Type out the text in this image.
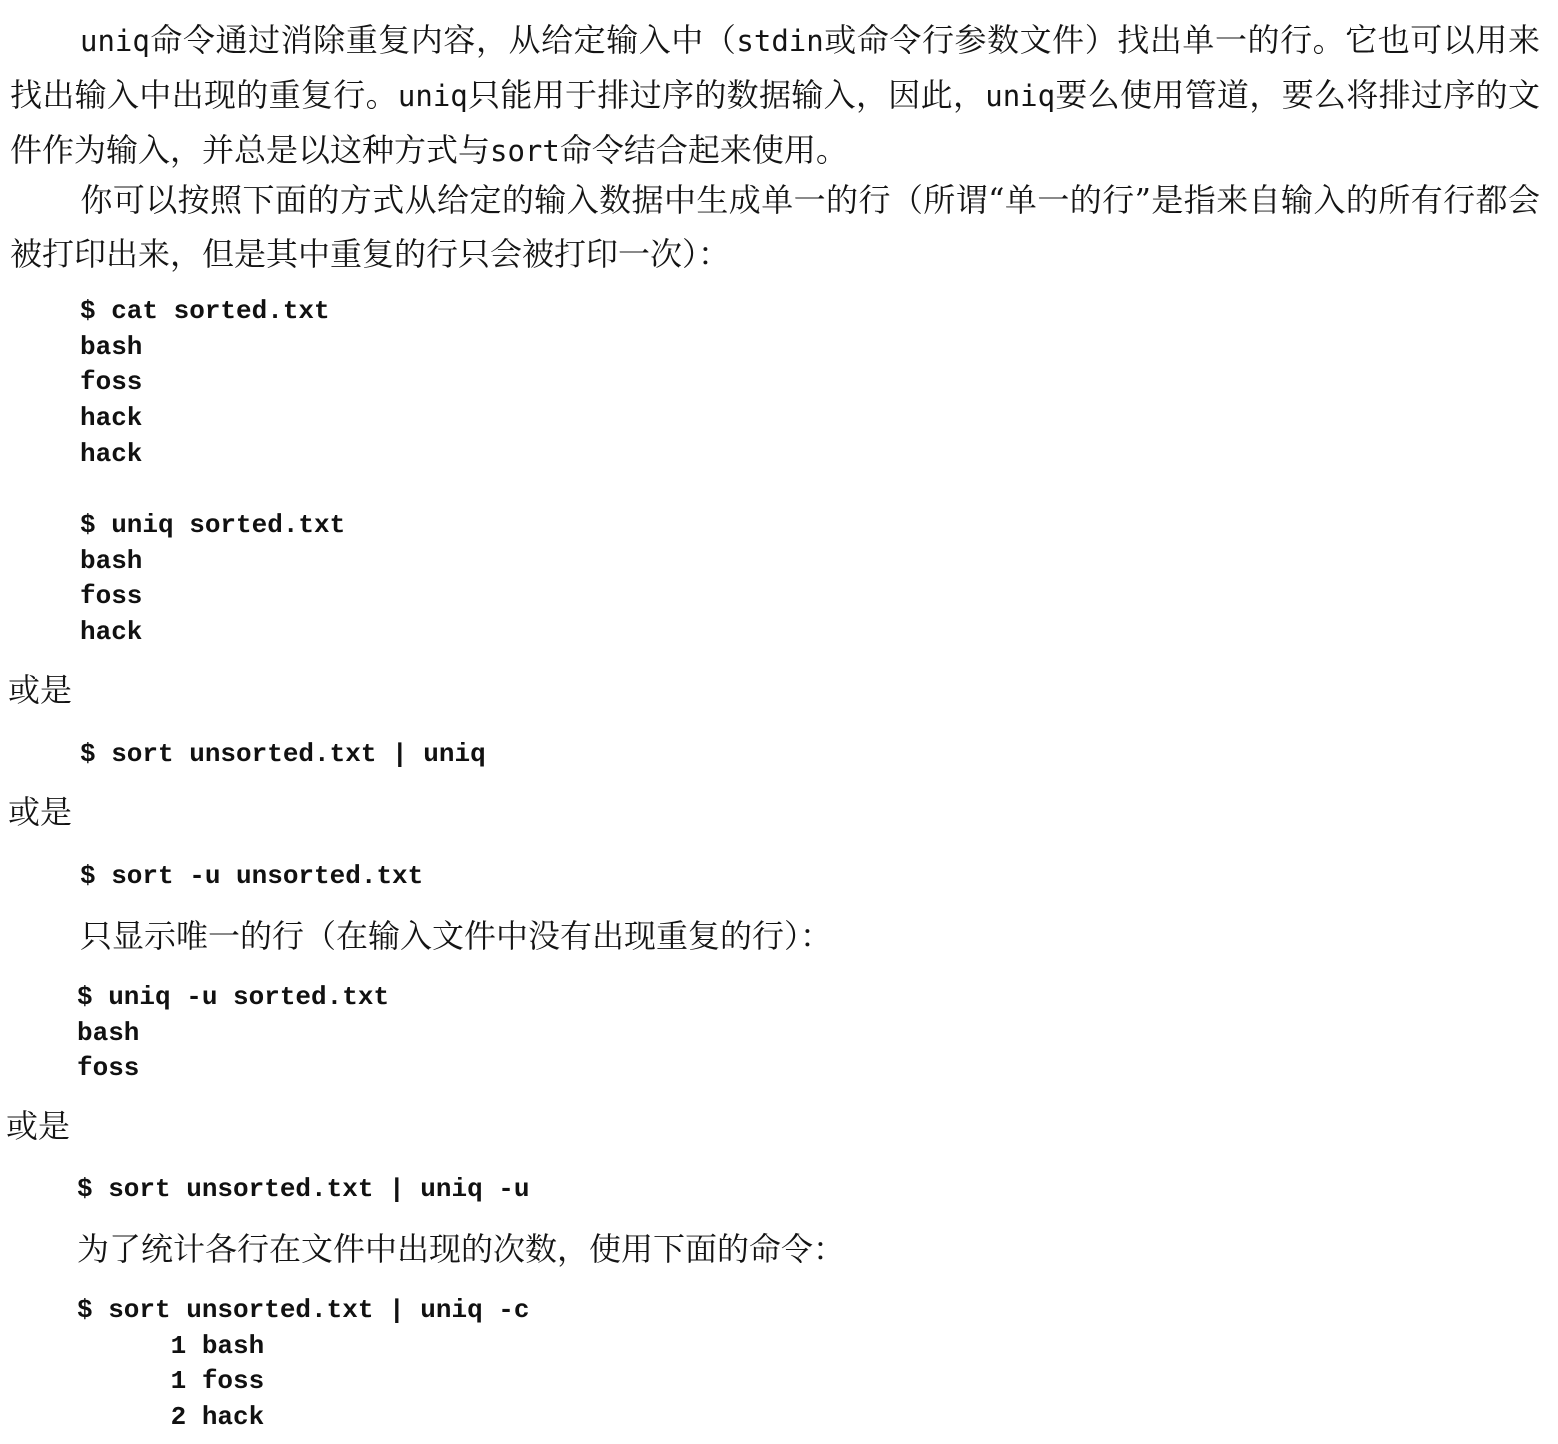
uniq命令通过消除重复内容，从给定输入中（stdin或命令行参数文件）找出单一的行。它也可以用来找出输入中出现的重复行。uniq只能用于排过序的数据输入，因此，uniq要么使用管道，要么将排过序的文件作为输入，并总是以这种方式与sort命令结合起来使用。

你可以按照下面的方式从给定的输入数据中生成单一的行（所谓“单一的行”是指来自输入的所有行都会被打印出来，但是其中重复的行只会被打印一次）：

$ cat sorted.txt
bash
foss
hack
hack
$ uniq sorted.txt
bash
foss
hack

或是

$ sort unsorted.txt | uniq

或是

$ sort -u unsorted.txt

只显示唯一的行（在输入文件中没有出现重复的行）：

$ uniq -u sorted.txt
bash
foss

或是

$ sort unsorted.txt | uniq -u

为了统计各行在文件中出现的次数，使用下面的命令：

$ sort unsorted.txt | uniq -c
1 bash
1 foss
2 hack
